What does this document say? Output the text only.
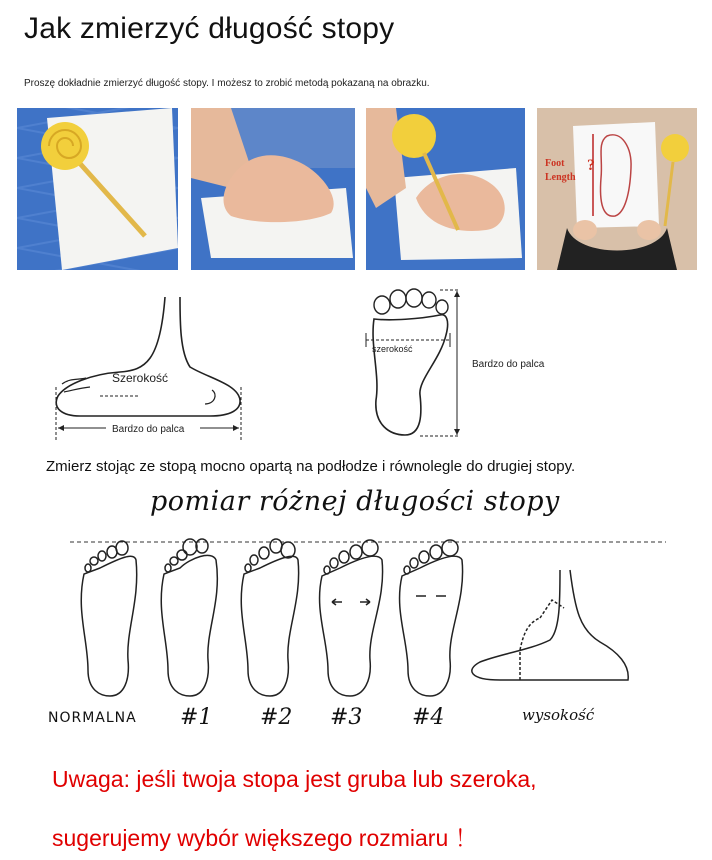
Jak zmierzyć długość stopy
Proszę dokładnie zmierzyć długość stopy. I możesz to zrobić metodą pokazaną na obrazku.
Foot
Length
?
Szerokość
Bardzo do palca
szerokość
Bardzo do palca
Zmierz stojąc ze stopą mocno opartą na podłodze i równolegle do drugiej stopy.
pomiar różnej długości stopy
NORMALNA #1 #2 #3 #4	wysokość
Uwaga: jeśli twoja stopa jest gruba lub szeroka,
sugerujemy wybór większego rozmiaru ！
